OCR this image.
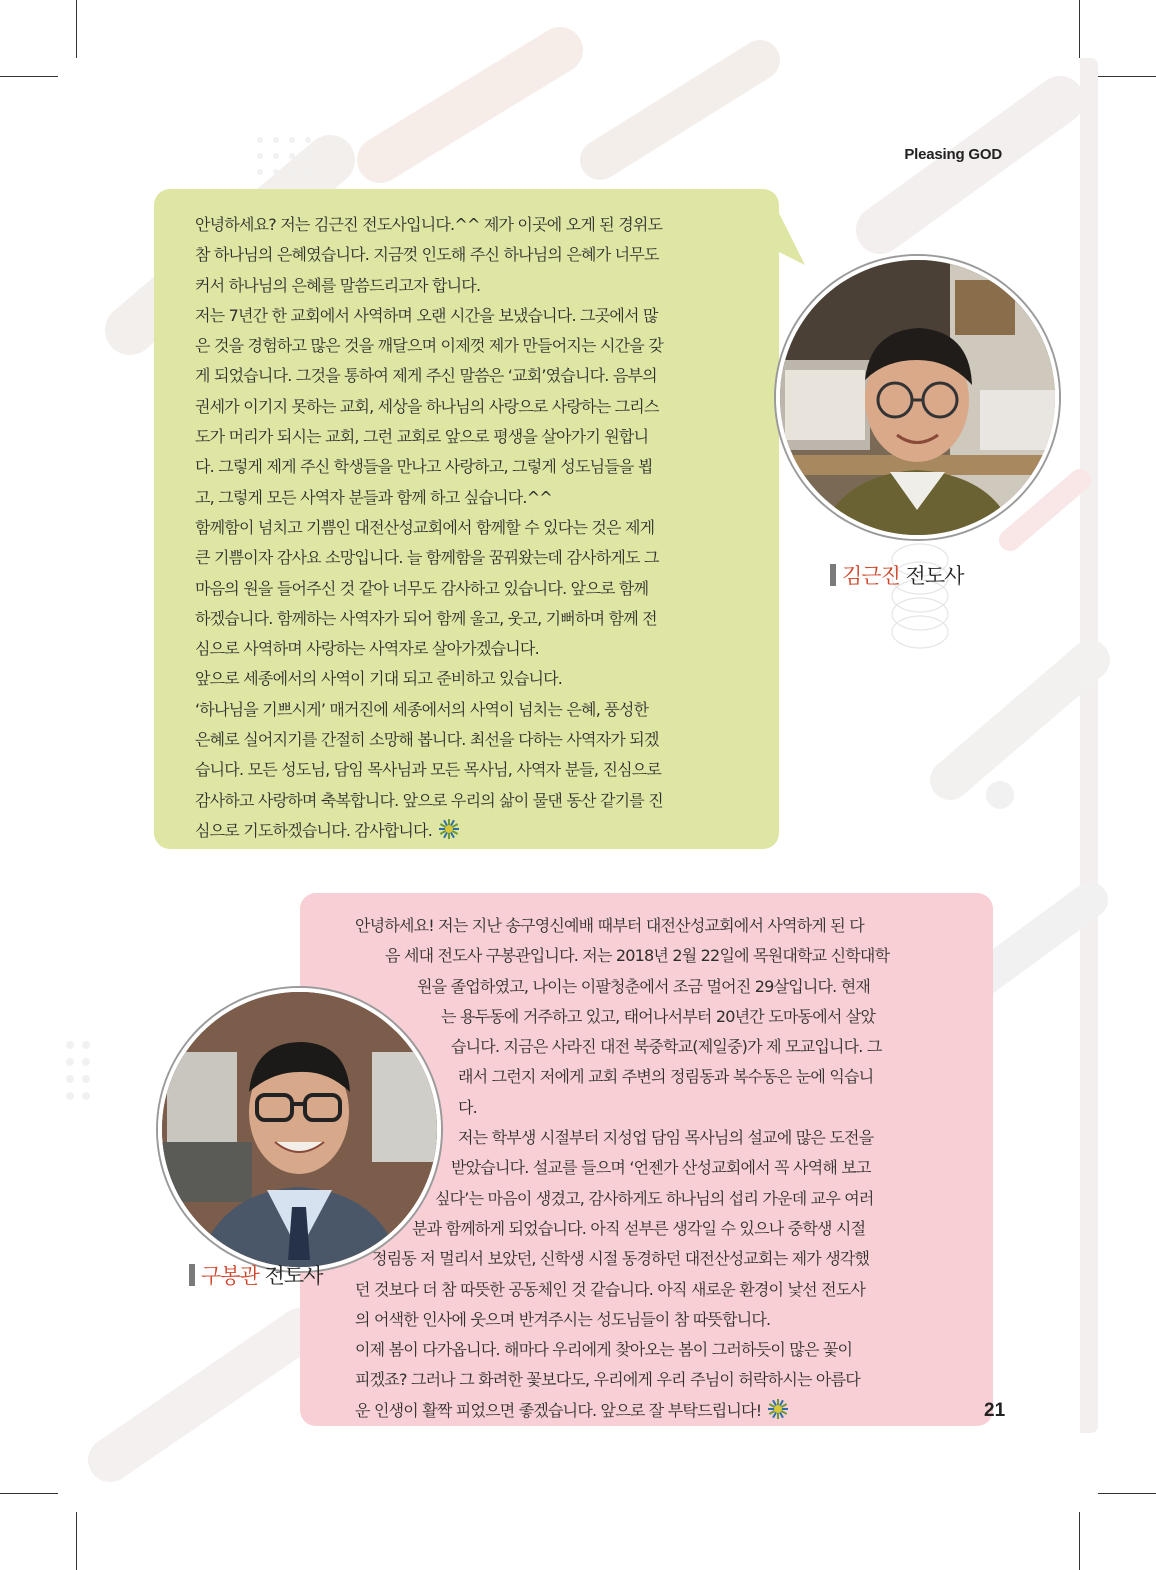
Pleasing GOD

안녕하세요? 저는 김근진 전도사입니다.^^ 제가 이곳에 오게 된 경위도

참 하나님의 은혜였습니다. 지금껏 인도해 주신 하나님의 은혜가 너무도

커서 하나님의 은혜를 말씀드리고자 합니다.

저는 7년간 한 교회에서 사역하며 오랜 시간을 보냈습니다. 그곳에서 많

은 것을 경험하고 많은 것을 깨달으며 이제껏 제가 만들어지는 시간을 갖

게 되었습니다. 그것을 통하여 제게 주신 말씀은 ‘교회’였습니다. 음부의

권세가 이기지 못하는 교회, 세상을 하나님의 사랑으로 사랑하는 그리스

도가 머리가 되시는 교회, 그런 교회로 앞으로 평생을 살아가기 원합니

다. 그렇게 제게 주신 학생들을 만나고 사랑하고, 그렇게 성도님들을 뵙

고, 그렇게 모든 사역자 분들과 함께 하고 싶습니다.^^

함께함이 넘치고 기쁨인 대전산성교회에서 함께할 수 있다는 것은 제게

큰 기쁨이자 감사요 소망입니다. 늘 함께함을 꿈꿔왔는데 감사하게도 그

마음의 원을 들어주신 것 같아 너무도 감사하고 있습니다. 앞으로 함께

하겠습니다. 함께하는 사역자가 되어 함께 울고, 웃고, 기뻐하며 함께 전

심으로 사역하며 사랑하는 사역자로 살아가겠습니다.

앞으로 세종에서의 사역이 기대 되고 준비하고 있습니다.

‘하나님을 기쁘시게’ 매거진에 세종에서의 사역이 넘치는 은혜, 풍성한

은혜로 실어지기를 간절히 소망해 봅니다. 최선을 다하는 사역자가 되겠

습니다. 모든 성도님, 담임 목사님과 모든 목사님, 사역자 분들, 진심으로

감사하고 사랑하며 축복합니다. 앞으로 우리의 삶이 물댄 동산 같기를 진

심으로 기도하겠습니다. 감사합니다.

김근진 전도사

안녕하세요! 저는 지난 송구영신예배 때부터 대전산성교회에서 사역하게 된 다

음 세대 전도사 구봉관입니다. 저는 2018년 2월 22일에 목원대학교 신학대학

원을 졸업하였고, 나이는 이팔청춘에서 조금 멀어진 29살입니다. 현재

는 용두동에 거주하고 있고, 태어나서부터 20년간 도마동에서 살았

습니다. 지금은 사라진 대전 북중학교(제일중)가 제 모교입니다. 그

래서 그런지 저에게 교회 주변의 정림동과 복수동은 눈에 익습니

다.

저는 학부생 시절부터 지성업 담임 목사님의 설교에 많은 도전을

받았습니다. 설교를 들으며 ‘언젠가 산성교회에서 꼭 사역해 보고

싶다’는 마음이 생겼고, 감사하게도 하나님의 섭리 가운데 교우 여러

분과 함께하게 되었습니다. 아직 섣부른 생각일 수 있으나 중학생 시절

정림동 저 멀리서 보았던, 신학생 시절 동경하던 대전산성교회는 제가 생각했

던 것보다 더 참 따뜻한 공동체인 것 같습니다. 아직 새로운 환경이 낯선 전도사

의 어색한 인사에 웃으며 반겨주시는 성도님들이 참 따뜻합니다.

이제 봄이 다가옵니다. 해마다 우리에게 찾아오는 봄이 그러하듯이 많은 꽃이

피겠죠? 그러나 그 화려한 꽃보다도, 우리에게 우리 주님이 허락하시는 아름다

운 인생이 활짝 피었으면 좋겠습니다. 앞으로 잘 부탁드립니다!

구봉관 전도사
21
